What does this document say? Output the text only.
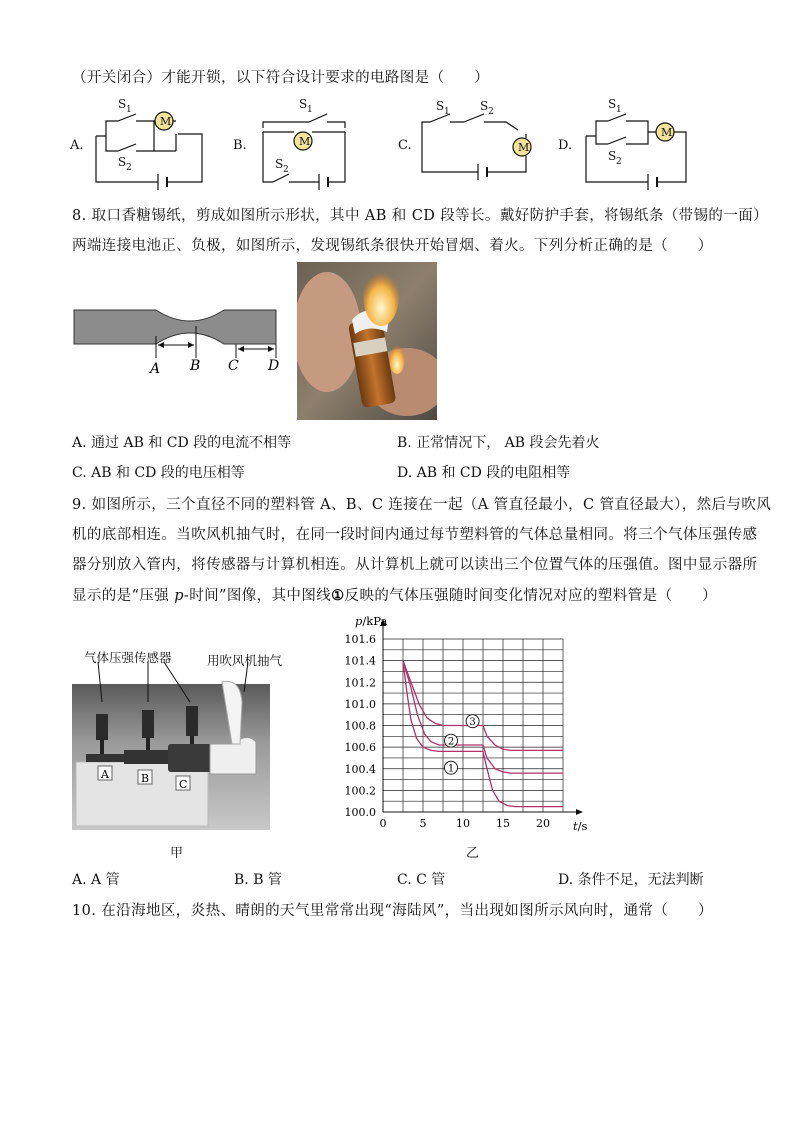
（开关闭合）才能开锁，以下符合设计要求的电路图是（　　）
A.
M
S 1
S 2
B.	M
S 1
S 2
C.	M
S 1	S 2
D.
M
S 1
S 2
8. 取口香糖锡纸，剪成如图所示形状，其中 AB 和 CD 段等长。戴好防护手套，将锡纸条（带锡的一面）
两端连接电池正、负极，如图所示，发现锡纸条很快开始冒烟、着火。下列分析正确的是（　　）
A B C D
A. 通过 AB 和 CD 段的电流不相等	B. 正常情况下， AB 段会先着火
C. AB 和 CD 段的电压相等	D. AB 和 CD 段的电阻相等
9. 如图所示，三个直径不同的塑料管 A、B、C 连接在一起（A 管直径最小，C 管直径最大），然后与吹风
机的底部相连。当吹风机抽气时，在同一段时间内通过每节塑料管的气体总量相同。将三个气体压强传感
器分别放入管内，将传感器与计算机相连。从计算机上就可以读出三个位置气体的压强值。图中显示器所
显示的是“压强 p-时间”图像，其中图线①反映的气体压强随时间变化情况对应的塑料管是（　　）
气体压强传感器	用吹风机抽气
A	B	C
甲
100.0
100.2
100.4
100.6
100.8
101.0
101.2
101.4
101.6
0	5	10 15 20
p/kPa
t/s
1
2
3
乙
A. A 管	B. B 管	C. C 管	D. 条件不足，无法判断
10. 在沿海地区，炎热、晴朗的天气里常常出现“海陆风”，当出现如图所示风向时，通常（　　）
